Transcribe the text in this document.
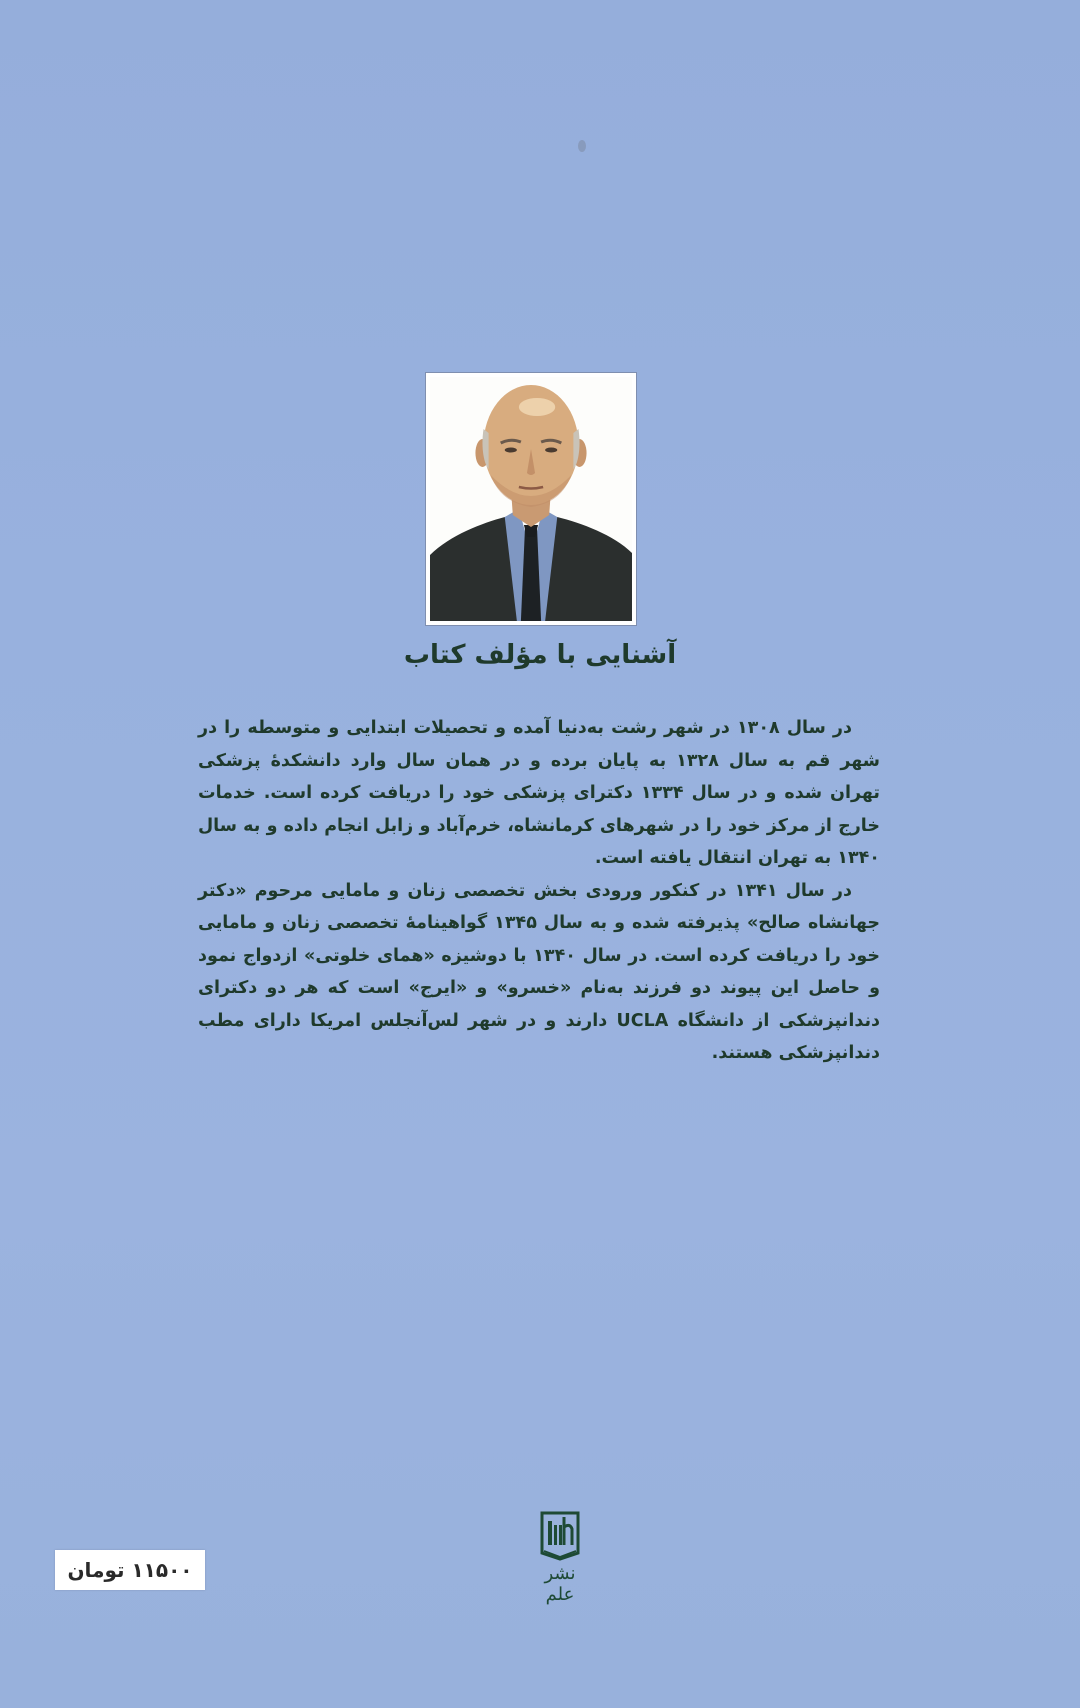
آشنایی با مؤلف کتاب

در سال ۱۳۰۸ در شهر رشت به‌دنیا آمده و تحصیلات ابتدایی و متوسطه را در شهر قم به سال ۱۳۲۸ به پایان برده و در همان سال وارد دانشکدهٔ پزشکی تهران شده و در سال ۱۳۳۴ دکترای پزشکی خود را دریافت کرده است. خدمات خارج از مرکز خود را در شهرهای کرمانشاه، خرم‌آباد و زابل انجام داده و به سال ۱۳۴۰ به تهران انتقال یافته است.

در سال ۱۳۴۱ در کنکور ورودی بخش تخصصی زنان و مامایی مرحوم «دکتر جهانشاه صالح» پذیرفته شده و به سال ۱۳۴۵ گواهینامهٔ تخصصی زنان و مامایی خود را دریافت کرده است. در سال ۱۳۴۰ با دوشیزه «همای خلوتی» ازدواج نمود و حاصل این پیوند دو فرزند به‌نام «خسرو» و «ایرج» است که هر دو دکترای دندانپزشکی از دانشگاه UCLA دارند و در شهر لس‌آنجلس امریکا دارای مطب دندانپزشکی هستند.

نشر علم
۱۱۵۰۰ تومان
